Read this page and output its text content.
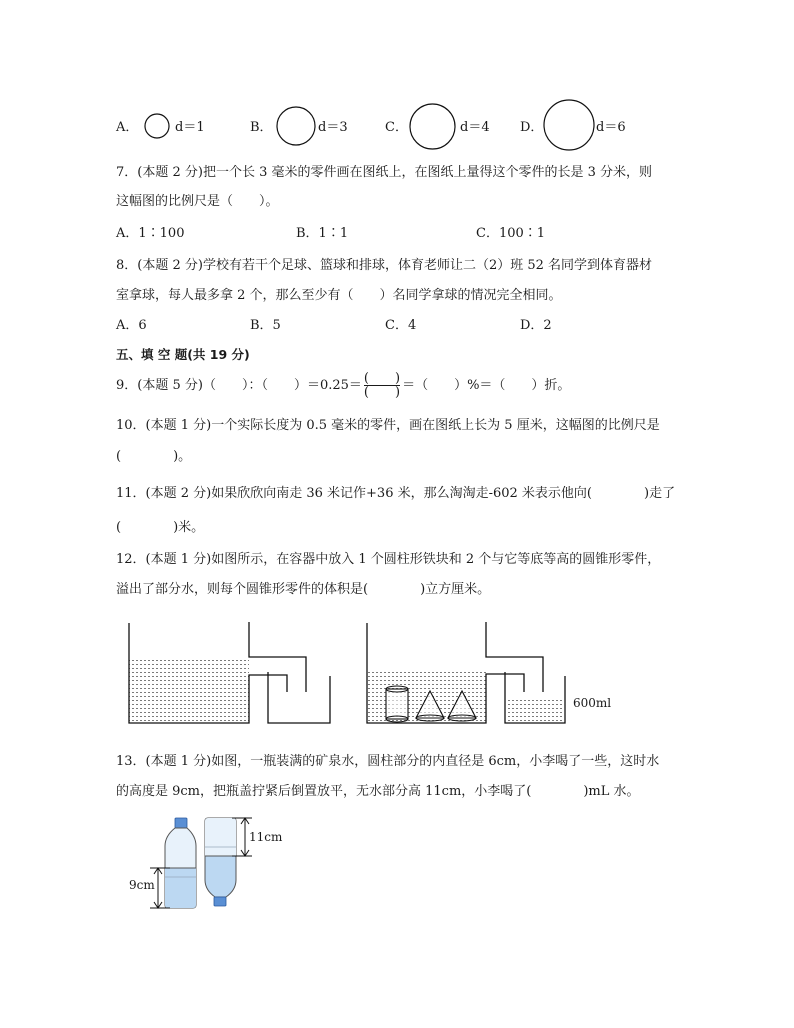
A．	d＝1	B．	d＝3	C．	d＝4 D．	d＝6
7．(本题 2 分)把一个长 3 毫米的零件画在图纸上，在图纸上量得这个零件的长是 3 分米，则
这幅图的比例尺是（　　）。
A．1∶100	B．1∶1	C．100∶1
8．(本题 2 分)学校有若干个足球、篮球和排球，体育老师让二（2）班 52 名同学到体育器材
室拿球，每人最多拿 2 个，那么至少有（　　）名同学拿球的情况完全相同。
A．6	B．5	C．4	D．2
五、填 空 题(共 19 分)
9．(本题 5 分)（　　）：（　　）$=0.25= \frac{( )}{( )}$ ＝（　　）%＝（　　）折。
10．(本题 1 分)一个实际长度为 0.5 毫米的零件，画在图纸上长为 5 厘米，这幅图的比例尺是
(　　　　)。
11．(本题 2 分)如果欣欣向南走 36 米记作+36 米，那么淘淘走-602 米表示他向(　　　　)走了
(　　　　)米。
12．(本题 1 分)如图所示，在容器中放入 1 个圆柱形铁块和 2 个与它等底等高的圆锥形零件，
溢出了部分水，则每个圆锥形零件的体积是(　　　　)立方厘米。
600ml
13．(本题 1 分)如图，一瓶装满的矿泉水，圆柱部分的内直径是 6cm，小李喝了一些，这时水
的高度是 9cm，把瓶盖拧紧后倒置放平，无水部分高 11cm，小李喝了(　　　　)mL 水。
9cm
11cm
